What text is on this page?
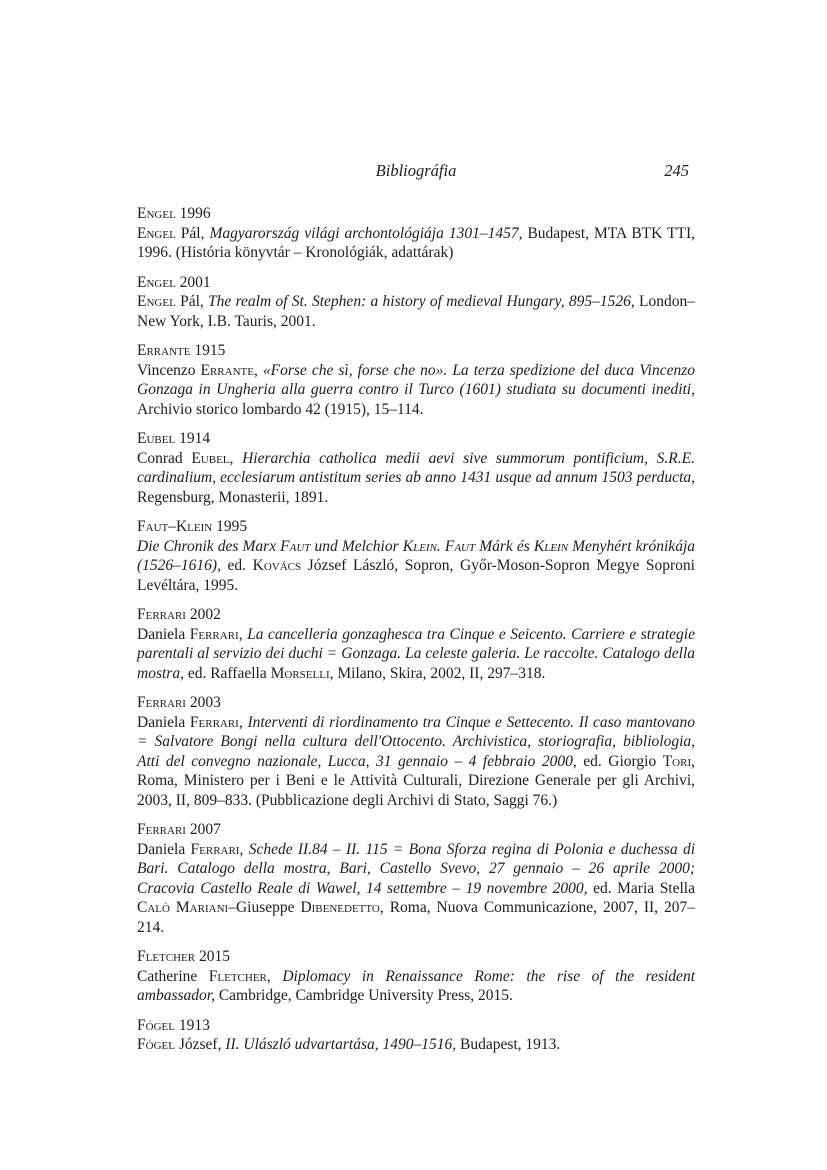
Bibliográfia	245
Engel 1996
Engel Pál, Magyarország világi archontológiája 1301–1457, Budapest, MTA BTK TTI, 1996. (História könyvtár – Kronológiák, adattárak)
Engel 2001
Engel Pál, The realm of St. Stephen: a history of medieval Hungary, 895–1526, London–New York, I.B. Tauris, 2001.
Errante 1915
Vincenzo Errante, «Forse che sì, forse che no». La terza spedizione del duca Vincenzo Gonzaga in Ungheria alla guerra contro il Turco (1601) studiata su documenti inediti, Archivio storico lombardo 42 (1915), 15–114.
Eubel 1914
Conrad Eubel, Hierarchia catholica medii aevi sive summorum pontificium, S.R.E. cardinalium, ecclesiarum antistitum series ab anno 1431 usque ad annum 1503 perducta, Regensburg, Monasterii, 1891.
Faut–Klein 1995
Die Chronik des Marx Faut und Melchior Klein. Faut Márk és Klein Menyhért krónikája (1526–1616), ed. Kovács József László, Sopron, Győr-Moson-Sopron Megye Soproni Levéltára, 1995.
Ferrari 2002
Daniela Ferrari, La cancelleria gonzaghesca tra Cinque e Seicento. Carriere e strategie parentali al servizio dei duchi = Gonzaga. La celeste galeria. Le raccolte. Catalogo della mostra, ed. Raffaella Morselli, Milano, Skira, 2002, II, 297–318.
Ferrari 2003
Daniela Ferrari, Interventi di riordinamento tra Cinque e Settecento. Il caso mantovano = Salvatore Bongi nella cultura dell'Ottocento. Archivistica, storiografia, bibliologia, Atti del convegno nazionale, Lucca, 31 gennaio – 4 febbraio 2000, ed. Giorgio Tori, Roma, Ministero per i Beni e le Attività Culturali, Direzione Generale per gli Archivi, 2003, II, 809–833. (Pubblicazione degli Archivi di Stato, Saggi 76.)
Ferrari 2007
Daniela Ferrari, Schede II.84 – II. 115 = Bona Sforza regina di Polonia e duchessa di Bari. Catalogo della mostra, Bari, Castello Svevo, 27 gennaio – 26 aprile 2000; Cracovia Castello Reale di Wawel, 14 settembre – 19 novembre 2000, ed. Maria Stella Calò Mariani–Giuseppe Dibenedetto, Roma, Nuova Communicazione, 2007, II, 207–214.
Fletcher 2015
Catherine Fletcher, Diplomacy in Renaissance Rome: the rise of the resident ambassador, Cambridge, Cambridge University Press, 2015.
Fógel 1913
Fógel József, II. Ulászló udvartartása, 1490–1516, Budapest, 1913.
